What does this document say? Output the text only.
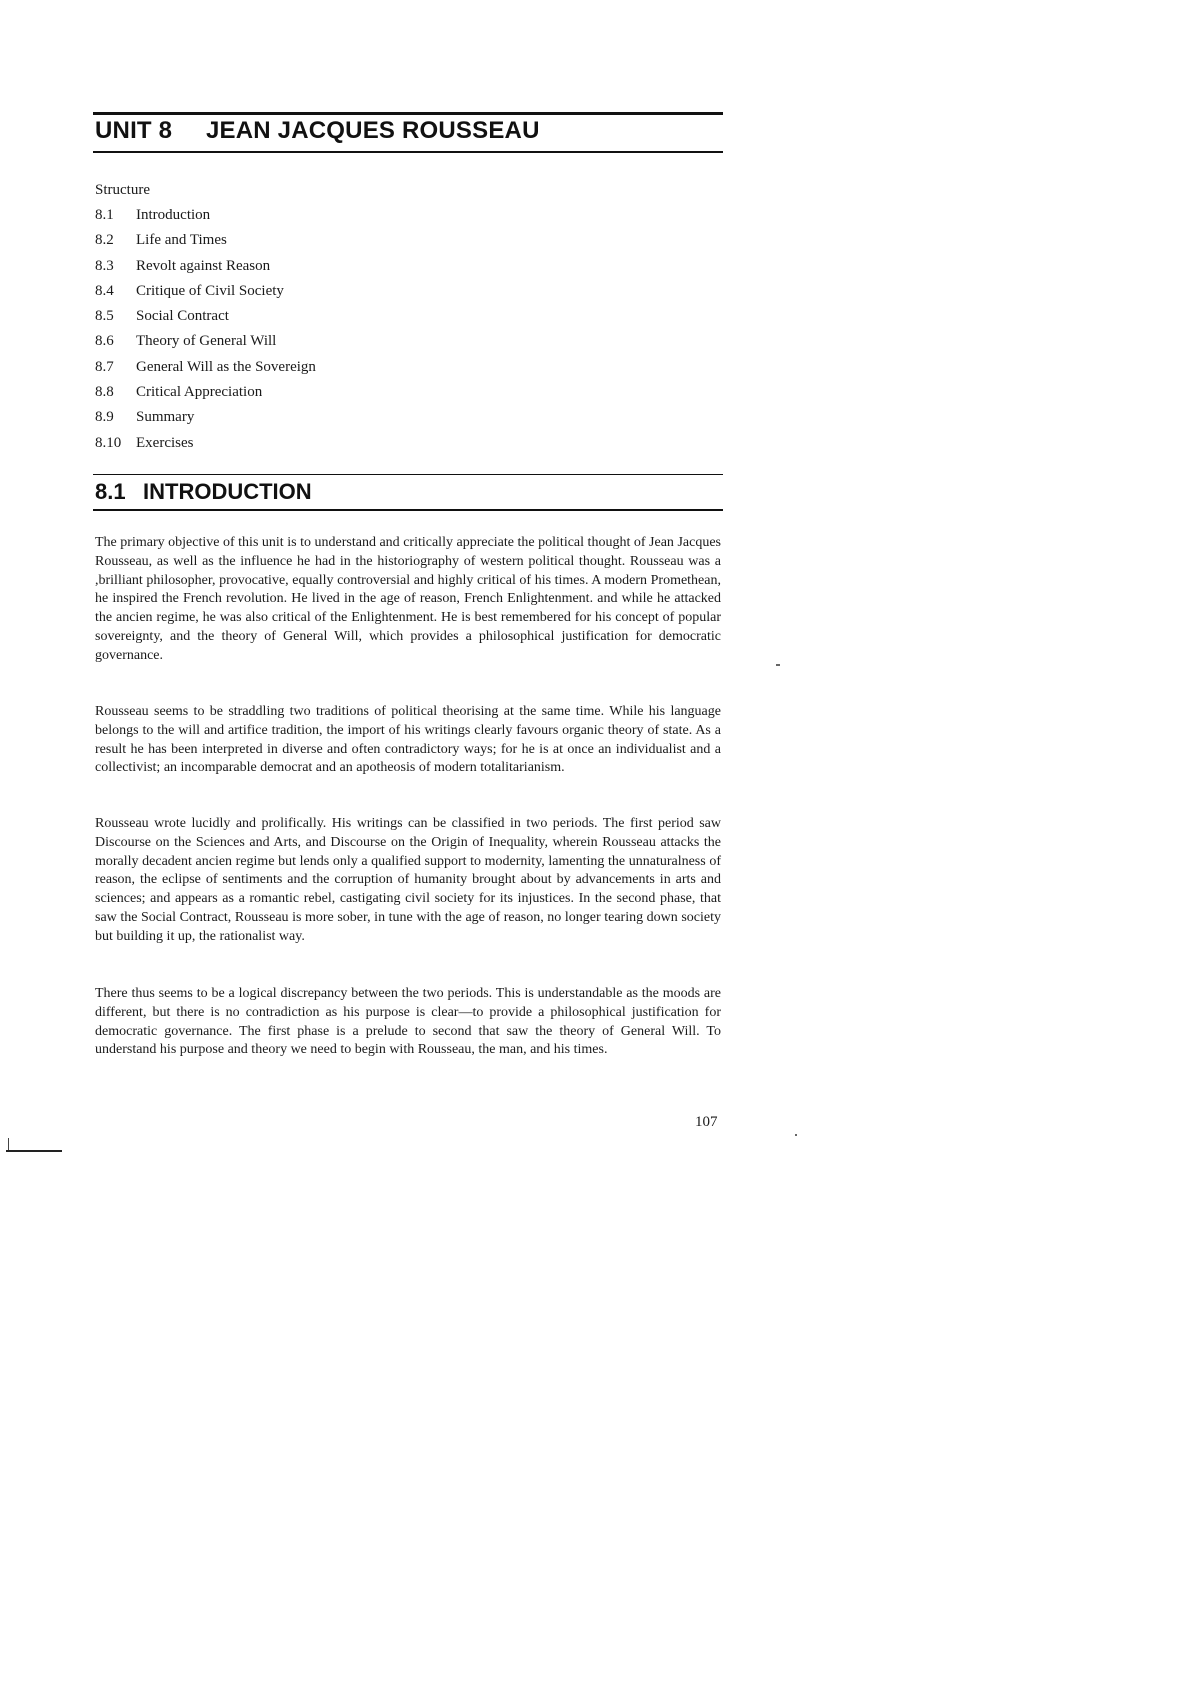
UNIT 8 JEAN JACQUES ROUSSEAU
Structure
8.1 Introduction
8.2 Life and Times
8.3 Revolt against Reason
8.4 Critique of Civil Society
8.5 Social Contract
8.6 Theory of General Will
8.7 General Will as the Sovereign
8.8 Critical Appreciation
8.9 Summary
8.10 Exercises
8.1 INTRODUCTION

The primary objective of this unit is to understand and critically appreciate the political thought of Jean Jacques Rousseau, as well as the influence he had in the historiography of western political thought. Rousseau was a ,brilliant philosopher, provocative, equally controversial and highly critical of his times. A modern Promethean, he inspired the French revolution. He lived in the age of reason, French Enlightenment. and while he attacked the ancien regime, he was also critical of the Enlightenment. He is best remembered for his concept of popular sovereignty, and the theory of General Will, which provides a philosophical justification for democratic governance.

Rousseau seems to be straddling two traditions of political theorising at the same time. While his language belongs to the will and artifice tradition, the import of his writings clearly favours organic theory of state. As a result he has been interpreted in diverse and often contradictory ways; for he is at once an individualist and a collectivist; an incomparable democrat and an apotheosis of modern totalitarianism.

Rousseau wrote lucidly and prolifically. His writings can be classified in two periods. The first period saw Discourse on the Sciences and Arts, and Discourse on the Origin of Inequality, wherein Rousseau attacks the morally decadent ancien regime but lends only a qualified support to modernity, lamenting the unnaturalness of reason, the eclipse of sentiments and the corruption of humanity brought about by advancements in arts and sciences; and appears as a romantic rebel, castigating civil society for its injustices. In the second phase, that saw the Social Contract, Rousseau is more sober, in tune with the age of reason, no longer tearing down society but building it up, the rationalist way.

There thus seems to be a logical discrepancy between the two periods. This is understandable as the moods are different, but there is no contradiction as his purpose is clear—to provide a philosophical justification for democratic governance. The first phase is a prelude to second that saw the theory of General Will. To understand his purpose and theory we need to begin with Rousseau, the man, and his times.

107
